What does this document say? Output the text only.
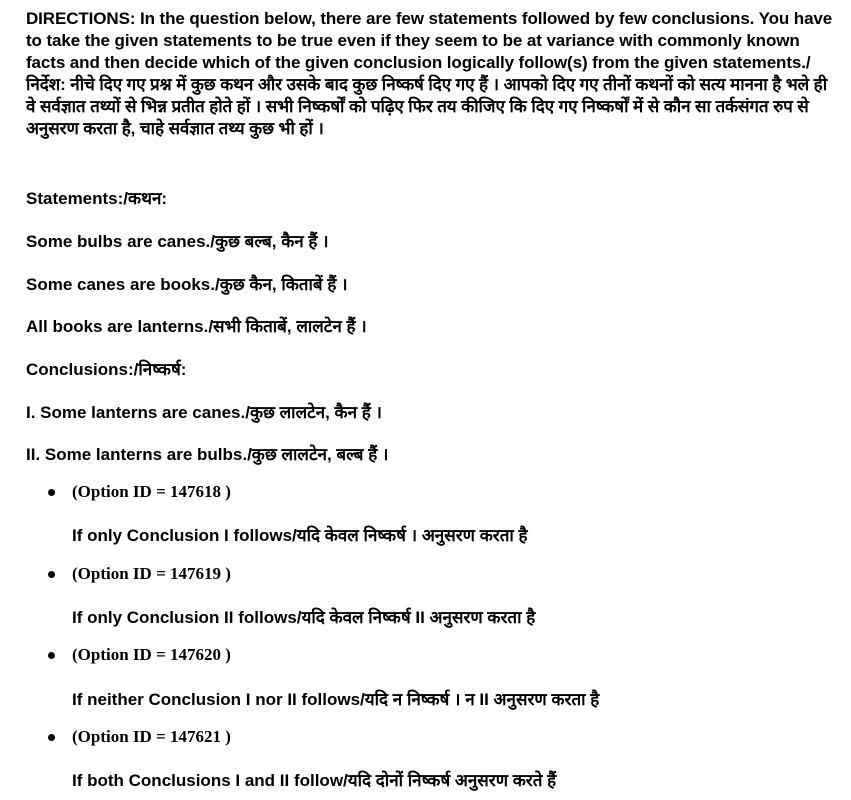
DIRECTIONS: In the question below, there are few statements followed by few conclusions. You have to take the given statements to be true even if they seem to be at variance with commonly known facts and then decide which of the given conclusion logically follow(s) from the given statements./निर्देश: नीचे दिए गए प्रश्न में कुछ कथन और उसके बाद कुछ निष्कर्ष दिए गए हैं । आपको दिए गए तीनों कथनों को सत्य मानना है भले ही वे सर्वज्ञात तथ्यों से भिन्न प्रतीत होते हों । सभी निष्कर्षों को पढ़िए फिर तय कीजिए कि दिए गए निष्कर्षों में से कौन सा तर्कसंगत रुप से अनुसरण करता है, चाहे सर्वज्ञात तथ्य कुछ भी हों ।
Statements:/कथन:
Some bulbs are canes./कुछ बल्ब, कैन हैं ।
Some canes are books./कुछ कैन, किताबें हैं ।
All books are lanterns./सभी किताबें, लालटेन हैं ।
Conclusions:/निष्कर्ष:
I. Some lanterns are canes./कुछ लालटेन, कैन हैं ।
II. Some lanterns are bulbs./कुछ लालटेन, बल्ब हैं ।
(Option ID = 147618 )
If only Conclusion I follows/यदि केवल निष्कर्ष । अनुसरण करता है
(Option ID = 147619 )
If only Conclusion II follows/यदि केवल निष्कर्ष II अनुसरण करता है
(Option ID = 147620 )
If neither Conclusion I nor II follows/यदि न निष्कर्ष । न II अनुसरण करता है
(Option ID = 147621 )
If both Conclusions I and II follow/यदि दोनों निष्कर्ष अनुसरण करते हैं
